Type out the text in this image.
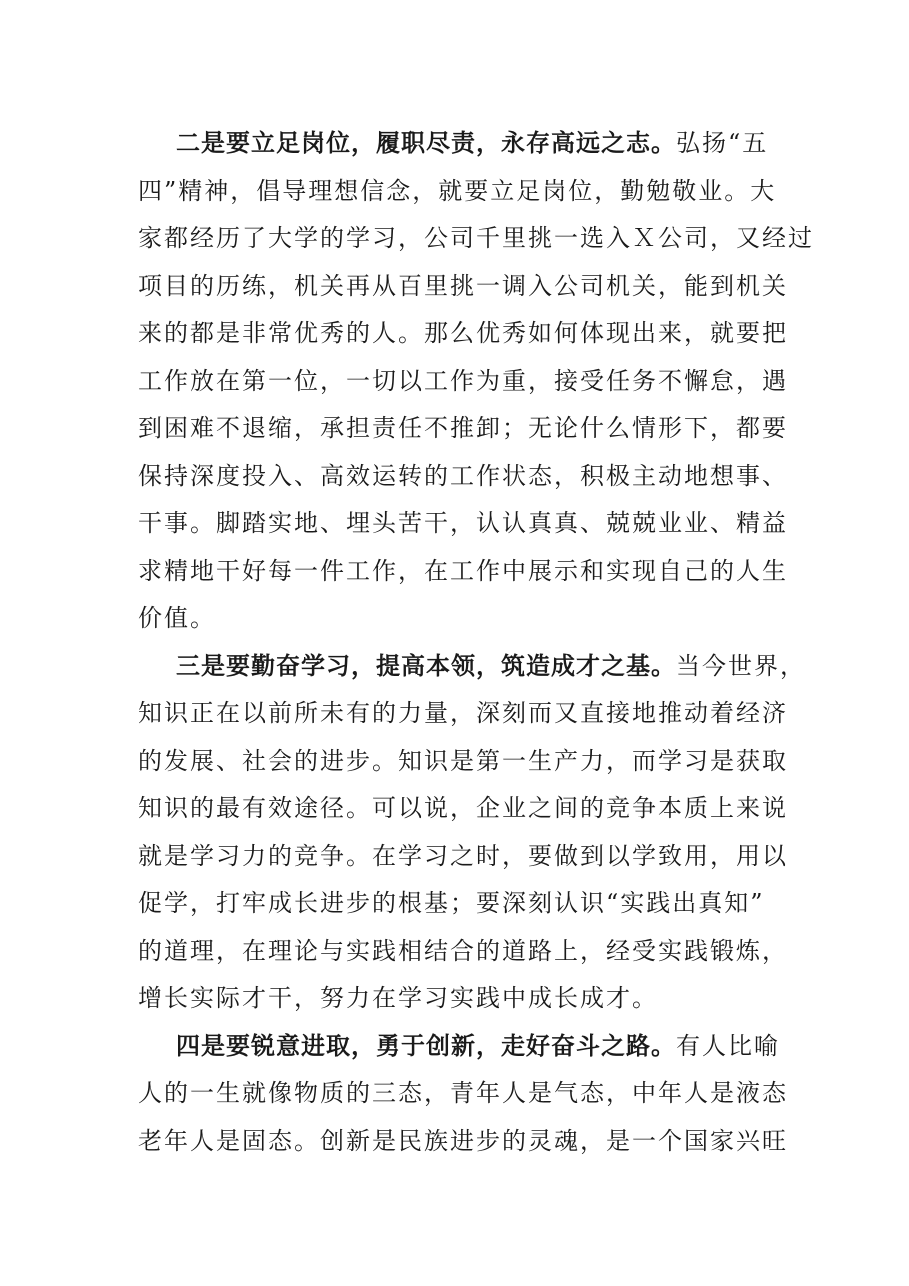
二是要立足岗位，履职尽责，永存高远之志。弘扬“五
四”精神，倡导理想信念，就要立足岗位，勤勉敬业。大
家都经历了大学的学习，公司千里挑一选入Ｘ公司，又经过
项目的历练，机关再从百里挑一调入公司机关，能到机关
来的都是非常优秀的人。那么优秀如何体现出来，就要把
工作放在第一位，一切以工作为重，接受任务不懈怠，遇
到困难不退缩，承担责任不推卸；无论什么情形下，都要
保持深度投入、高效运转的工作状态，积极主动地想事、
干事。脚踏实地、埋头苦干，认认真真、兢兢业业、精益
求精地干好每一件工作，在工作中展示和实现自己的人生
价值。

三是要勤奋学习，提高本领，筑造成才之基。当今世界，
知识正在以前所未有的力量，深刻而又直接地推动着经济
的发展、社会的进步。知识是第一生产力，而学习是获取
知识的最有效途径。可以说，企业之间的竞争本质上来说
就是学习力的竞争。在学习之时，要做到以学致用，用以
促学，打牢成长进步的根基；要深刻认识“实践出真知”
的道理，在理论与实践相结合的道路上，经受实践锻炼，
增长实际才干，努力在学习实践中成长成才。

四是要锐意进取，勇于创新，走好奋斗之路。有人比喻
人的一生就像物质的三态，青年人是气态，中年人是液态
老年人是固态。创新是民族进步的灵魂，是一个国家兴旺
